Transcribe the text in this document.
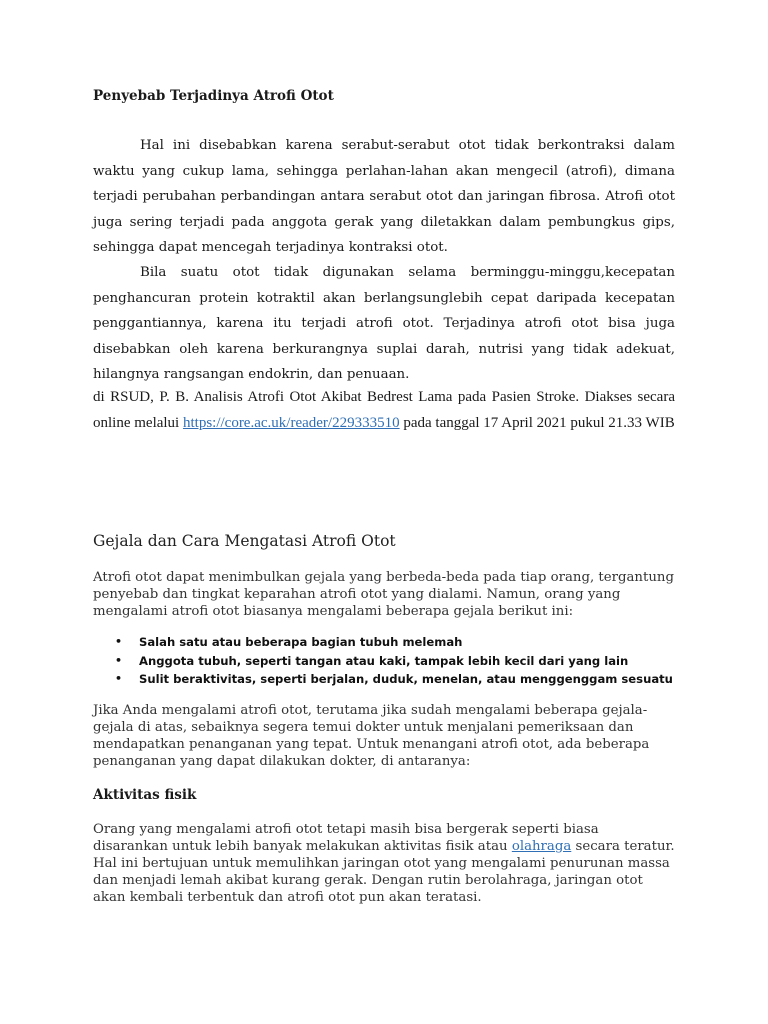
Penyebab Terjadinya Atrofi Otot

Hal ini disebabkan karena serabut-serabut otot tidak berkontraksi dalam waktu yang cukup lama, sehingga perlahan-lahan akan mengecil (atrofi), dimana terjadi perubahan perbandingan antara serabut otot dan jaringan fibrosa. Atrofi otot juga sering terjadi pada anggota gerak yang diletakkan dalam pembungkus gips, sehingga dapat mencegah terjadinya kontraksi otot.

Bila suatu otot tidak digunakan selama berminggu-minggu,kecepatan penghancuran protein kotraktil akan berlangsunglebih cepat daripada kecepatan penggantiannya, karena itu terjadi atrofi otot. Terjadinya atrofi otot bisa juga disebabkan oleh karena berkurangnya suplai darah, nutrisi yang tidak adekuat, hilangnya rangsangan endokrin, dan penuaan.

di RSUD, P. B. Analisis Atrofi Otot Akibat Bedrest Lama pada Pasien Stroke. Diakses secara online melalui https://core.ac.uk/reader/229333510 pada tanggal 17 April 2021 pukul 21.33 WIB

Gejala dan Cara Mengatasi Atrofi Otot

Atrofi otot dapat menimbulkan gejala yang berbeda-beda pada tiap orang, tergantung penyebab dan tingkat keparahan atrofi otot yang dialami. Namun, orang yang mengalami atrofi otot biasanya mengalami beberapa gejala berikut ini:

• Salah satu atau beberapa bagian tubuh melemah
• Anggota tubuh, seperti tangan atau kaki, tampak lebih kecil dari yang lain
• Sulit beraktivitas, seperti berjalan, duduk, menelan, atau menggenggam sesuatu

Jika Anda mengalami atrofi otot, terutama jika sudah mengalami beberapa gejala-gejala di atas, sebaiknya segera temui dokter untuk menjalani pemeriksaan dan mendapatkan penanganan yang tepat. Untuk menangani atrofi otot, ada beberapa penanganan yang dapat dilakukan dokter, di antaranya:

Aktivitas fisik

Orang yang mengalami atrofi otot tetapi masih bisa bergerak seperti biasa disarankan untuk lebih banyak melakukan aktivitas fisik atau olahraga secara teratur. Hal ini bertujuan untuk memulihkan jaringan otot yang mengalami penurunan massa dan menjadi lemah akibat kurang gerak. Dengan rutin berolahraga, jaringan otot akan kembali terbentuk dan atrofi otot pun akan teratasi.
